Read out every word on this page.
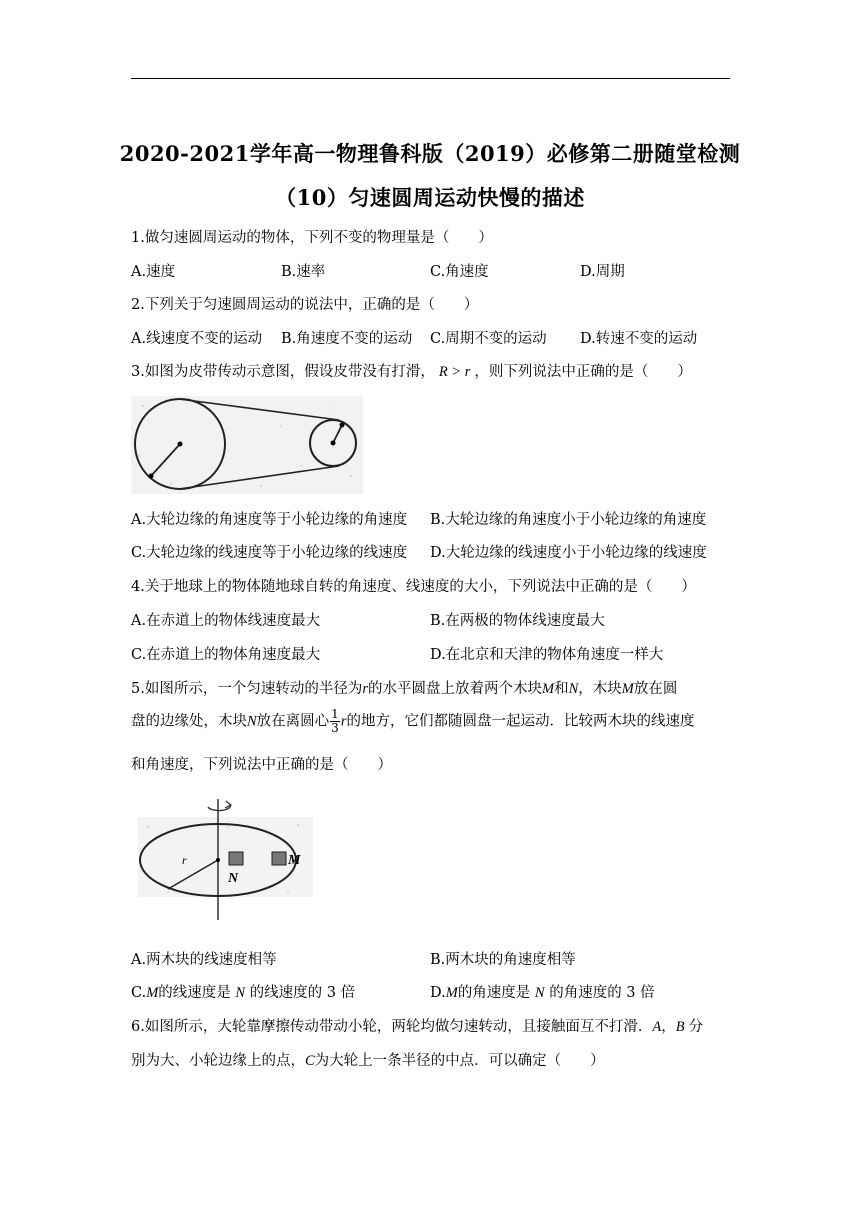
2020-2021学年高一物理鲁科版（2019）必修第二册随堂检测
（10）匀速圆周运动快慢的描述
1.做匀速圆周运动的物体，下列不变的物理量是（　　）
A.速度	B.速率	C.角速度	D.周期
2.下列关于匀速圆周运动的说法中，正确的是（　　）
A.线速度不变的运动 B.角速度不变的运动 C.周期不变的运动 D.转速不变的运动
3.如图为皮带传动示意图，假设皮带没有打滑， R > r ，则下列说法中正确的是（　　）
A.大轮边缘的角速度等于小轮边缘的角速度 B.大轮边缘的角速度小于小轮边缘的角速度
C.大轮边缘的线速度等于小轮边缘的线速度 D.大轮边缘的线速度小于小轮边缘的线速度
4.关于地球上的物体随地球自转的角速度、线速度的大小，下列说法中正确的是（　　）
A.在赤道上的物体线速度最大	B.在两极的物体线速度最大
C.在赤道上的物体角速度最大	D.在北京和天津的物体角速度一样大
5.如图所示，一个匀速转动的半径为r的水平圆盘上放着两个木块M和N，木块M放在圆
盘的边缘处，木块N放在离圆心 $\frac{1}{3}$ r的地方，它们都随圆盘一起运动．比较两木块的线速度
和角速度，下列说法中正确的是（　　）
r
N
M
A.两木块的线速度相等	B.两木块的角速度相等
C.M的线速度是 N 的线速度的 3 倍	D.M的角速度是 N 的角速度的 3 倍
6.如图所示，大轮靠摩擦传动带动小轮，两轮均做匀速转动，且接触面互不打滑．A，B 分
别为大、小轮边缘上的点，C为大轮上一条半径的中点．可以确定（　　）
